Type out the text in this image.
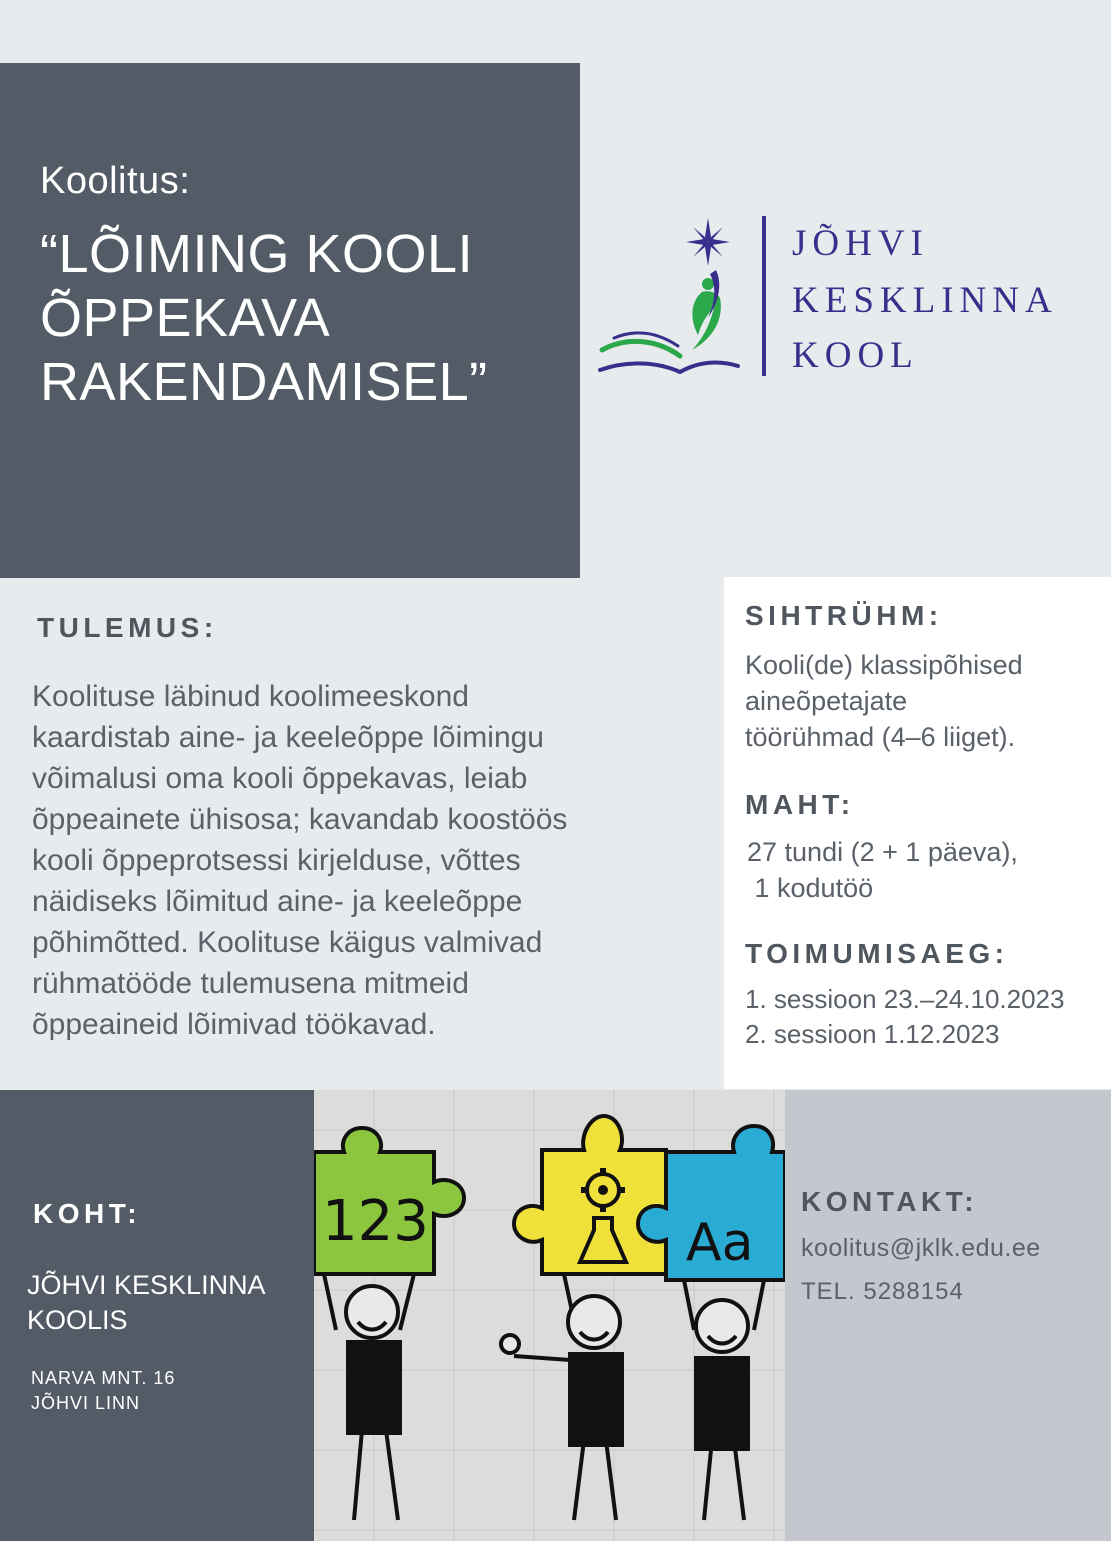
Koolitus:
“LÕIMING KOOLI
ÕPPEKAVA
RAKENDAMISEL”
JÕHVI
KESKLINNA
KOOL
TULEMUS:
Koolituse läbinud koolimeeskond
kaardistab aine- ja keeleõppe lõimingu
võimalusi oma kooli õppekavas, leiab
õppeainete ühisosa; kavandab koostöös
kooli õppeprotsessi kirjelduse, võttes
näidiseks lõimitud aine- ja keeleõppe
põhimõtted. Koolituse käigus valmivad
rühmatööde tulemusena mitmeid
õppeaineid lõimivad töökavad.
SIHTRÜHM:
Kooli(de) klassipõhised
aineõpetajate
töörühmad (4–6 liiget).
MAHT:
27 tundi (2 + 1 päeva),
1 kodutöö
TOIMUMISAEG:
1. sessioon 23.–24.10.2023
2. sessioon 1.12.2023
KOHT:
JÕHVI KESKLINNA
KOOLIS
NARVA MNT. 16
JÕHVI LINN
123	Aa
KONTAKT:
koolitus@jklk.edu.ee
TEL. 5288154
